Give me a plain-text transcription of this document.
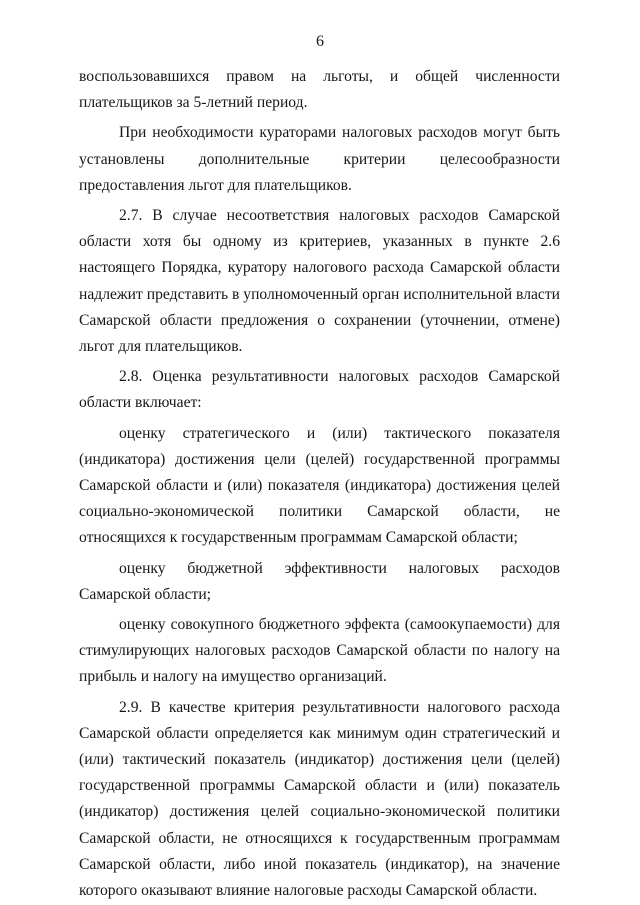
6

воспользовавшихся правом на льготы, и общей численности плательщиков за 5-летний период.

При необходимости кураторами налоговых расходов могут быть установлены дополнительные критерии целесообразности предоставления льгот для плательщиков.

2.7. В случае несоответствия налоговых расходов Самарской области хотя бы одному из критериев, указанных в пункте 2.6 настоящего Порядка, куратору налогового расхода Самарской области надлежит представить в уполномоченный орган исполнительной власти Самарской области предложения о сохранении (уточнении, отмене) льгот для плательщиков.

2.8. Оценка результативности налоговых расходов Самарской области включает:

оценку стратегического и (или) тактического показателя (индикатора) достижения цели (целей) государственной программы Самарской области и (или) показателя (индикатора) достижения целей социально-экономической политики Самарской области, не относящихся к государственным программам Самарской области;

оценку бюджетной эффективности налоговых расходов Самарской области;

оценку совокупного бюджетного эффекта (самоокупаемости) для стимулирующих налоговых расходов Самарской области по налогу на прибыль и налогу на имущество организаций.

2.9. В качестве критерия результативности налогового расхода Самарской области определяется как минимум один стратегический и (или) тактический показатель (индикатор) достижения цели (целей) государственной программы Самарской области и (или) показатель (индикатор) достижения целей социально-экономической политики Самарской области, не относящихся к государственным программам Самарской области, либо иной показатель (индикатор), на значение которого оказывают влияние налоговые расходы Самарской области.
